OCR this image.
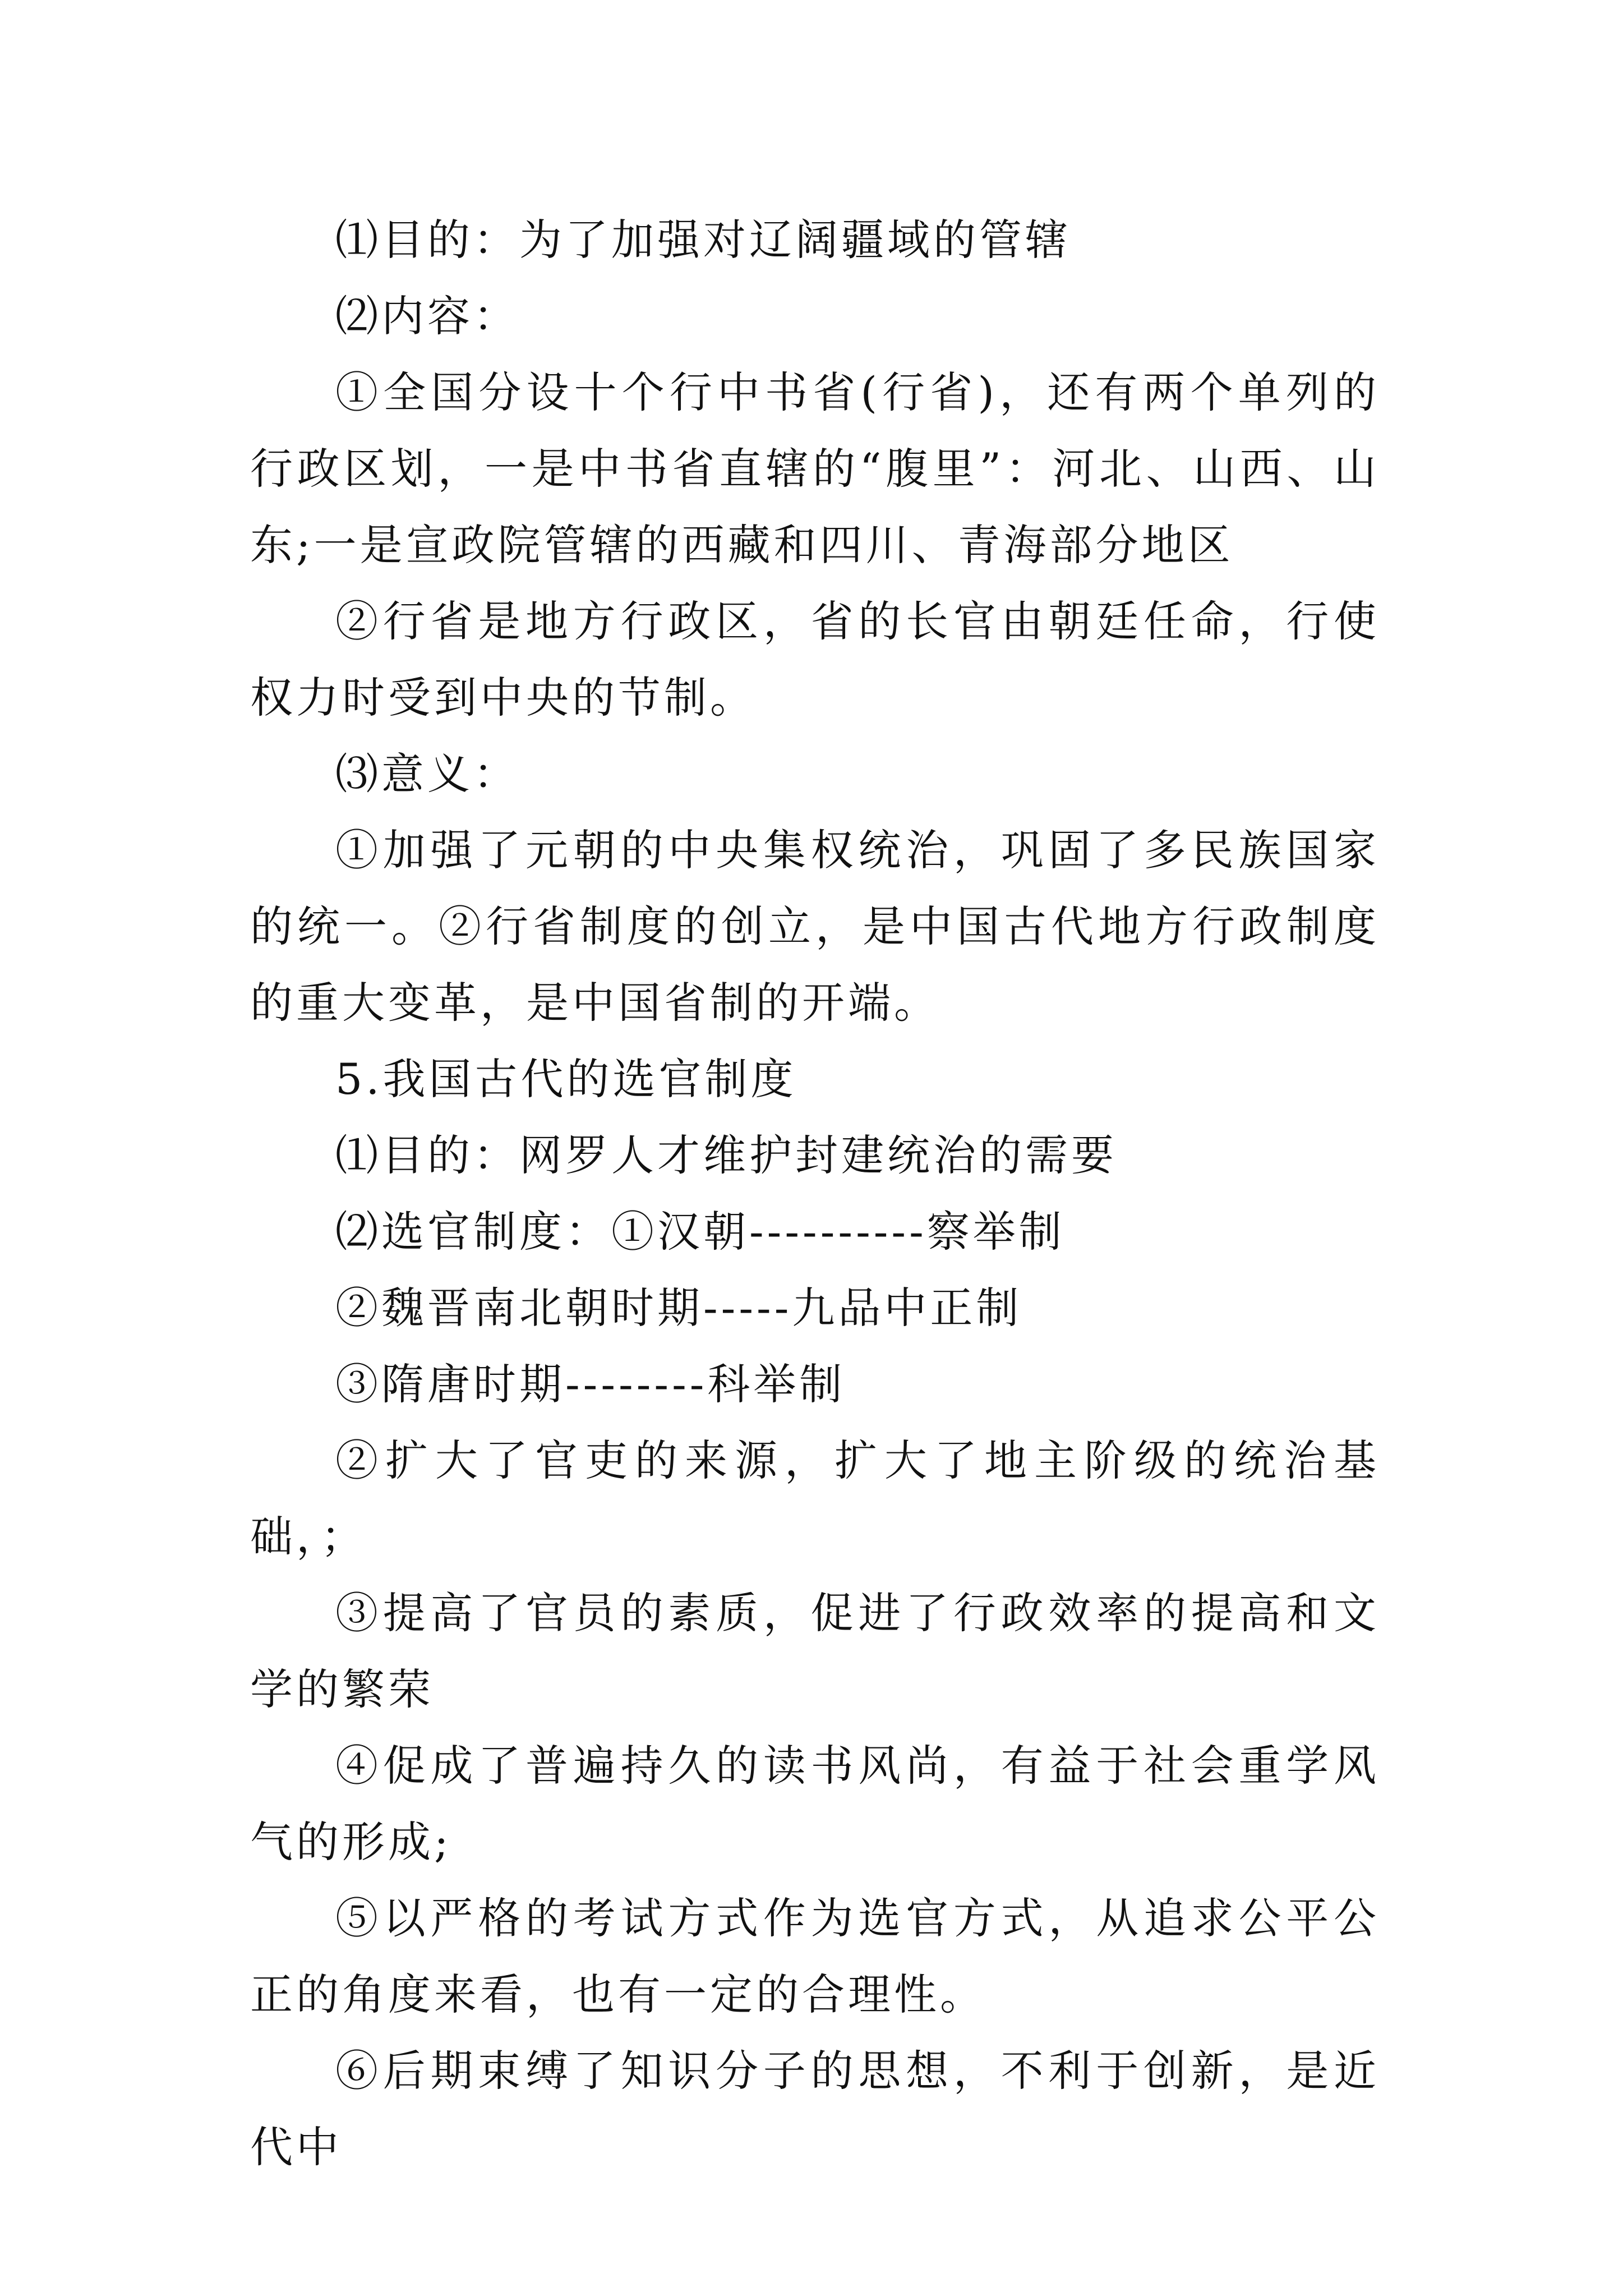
⑴目的：为了加强对辽阔疆域的管辖

⑵内容：

①全国分设十个行中书省(行省)，还有两个单列的行政区划，一是中书省直辖的“腹里”：河北、山西、山东;一是宣政院管辖的西藏和四川、青海部分地区

②行省是地方行政区，省的长官由朝廷任命，行使权力时受到中央的节制。

⑶意义：

①加强了元朝的中央集权统治，巩固了多民族国家的统一。②行省制度的创立，是中国古代地方行政制度的重大变革，是中国省制的开端。

5.我国古代的选官制度

⑴目的：网罗人才维护封建统治的需要

⑵选官制度：①汉朝----------察举制

②魏晋南北朝时期-----九品中正制

③隋唐时期--------科举制

②扩大了官吏的来源，扩大了地主阶级的统治基础，；

③提高了官员的素质，促进了行政效率的提高和文学的繁荣

④促成了普遍持久的读书风尚，有益于社会重学风气的形成;

⑤以严格的考试方式作为选官方式，从追求公平公正的角度来看，也有一定的合理性。

⑥后期束缚了知识分子的思想，不利于创新，是近代中
